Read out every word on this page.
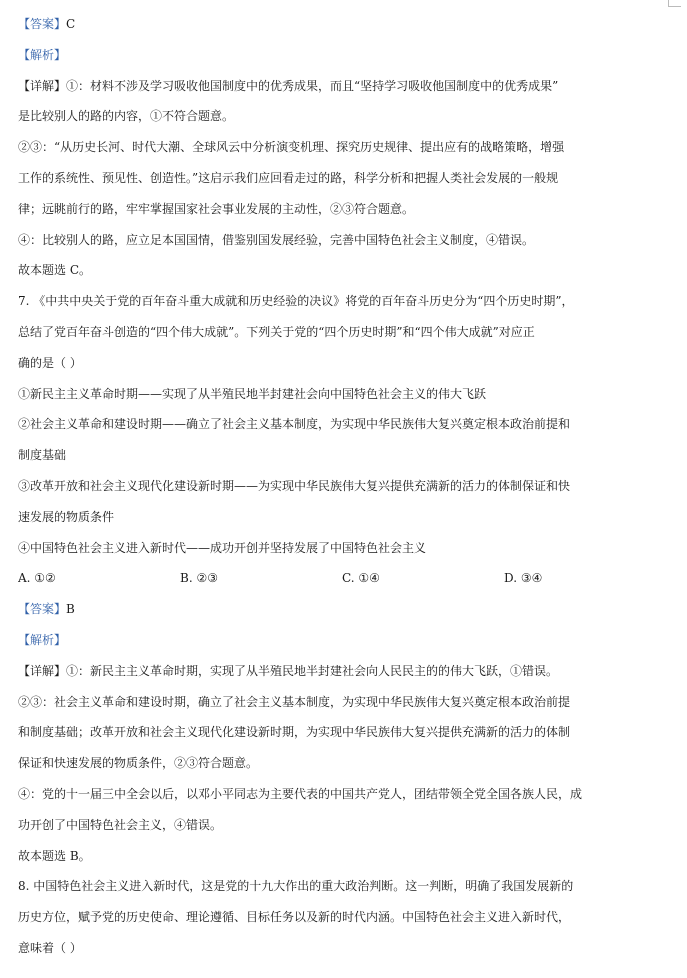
【答案】C
【解析】
【详解】①：材料不涉及学习吸收他国制度中的优秀成果，而且“坚持学习吸收他国制度中的优秀成果”
是比较别人的路的内容，①不符合题意。
②③：“从历史长河、时代大潮、全球风云中分析演变机理、探究历史规律、提出应有的战略策略，增强
工作的系统性、预见性、创造性。”这启示我们应回看走过的路，科学分析和把握人类社会发展的一般规
律；远眺前行的路，牢牢掌握国家社会事业发展的主动性，②③符合题意。
④：比较别人的路，应立足本国国情，借鉴别国发展经验，完善中国特色社会主义制度，④错误。
故本题选 C。
7. 《中共中央关于党的百年奋斗重大成就和历史经验的决议》将党的百年奋斗历史分为“四个历史时期”，
总结了党百年奋斗创造的“四个伟大成就”。下列关于党的“四个历史时期”和“四个伟大成就”对应正
确的是（ ）
①新民主主义革命时期——实现了从半殖民地半封建社会向中国特色社会主义的伟大飞跃
②社会主义革命和建设时期——确立了社会主义基本制度，为实现中华民族伟大复兴奠定根本政治前提和
制度基础
③改革开放和社会主义现代化建设新时期——为实现中华民族伟大复兴提供充满新的活力的体制保证和快
速发展的物质条件
④中国特色社会主义进入新时代——成功开创并坚持发展了中国特色社会主义
A. ①②	B. ②③	C. ①④	D. ③④
【答案】B
【解析】
【详解】①：新民主主义革命时期，实现了从半殖民地半封建社会向人民民主的的伟大飞跃，①错误。
②③：社会主义革命和建设时期，确立了社会主义基本制度，为实现中华民族伟大复兴奠定根本政治前提
和制度基础；改革开放和社会主义现代化建设新时期，为实现中华民族伟大复兴提供充满新的活力的体制
保证和快速发展的物质条件，②③符合题意。
④：党的十一届三中全会以后，以邓小平同志为主要代表的中国共产党人，团结带领全党全国各族人民，成
功开创了中国特色社会主义，④错误。
故本题选 B。
8. 中国特色社会主义进入新时代，这是党的十九大作出的重大政治判断。这一判断，明确了我国发展新的
历史方位，赋予党的历史使命、理论遵循、目标任务以及新的时代内涵。中国特色社会主义进入新时代，
意味着（ ）
